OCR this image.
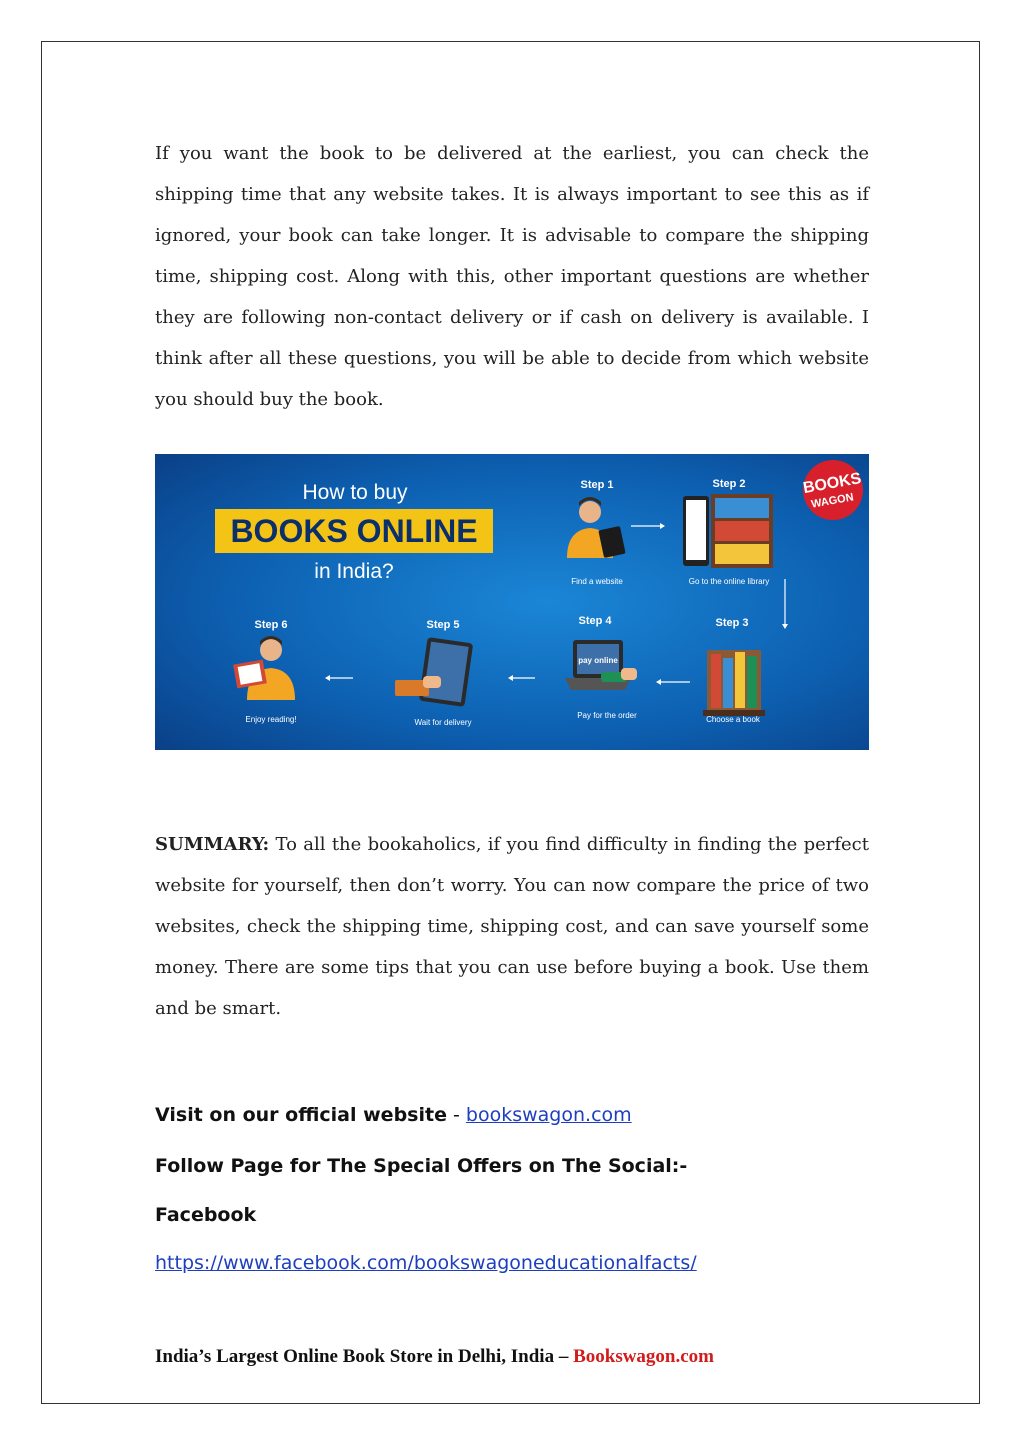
If you want the book to be delivered at the earliest, you can check the shipping time that any website takes. It is always important to see this as if ignored, your book can take longer. It is advisable to compare the shipping time, shipping cost. Along with this, other important questions are whether they are following non-contact delivery or if cash on delivery is available. I think after all these questions, you will be able to decide from which website you should buy the book.

How to buy
BOOKS ONLINE
in India?
BOOKS
WAGON
Step 1
Find a website
Step 2
Go to the online library
Step 3
Choose a book
Step 4
pay online
Pay for the order
Step 5
Wait for delivery
Step 6
Enjoy reading!

SUMMARY: To all the bookaholics, if you find difficulty in finding the perfect website for yourself, then don’t worry. You can now compare the price of two websites, check the shipping time, shipping cost, and can save yourself some money. There are some tips that you can use before buying a book. Use them and be smart.

Visit on our official website - bookswagon.com
Follow Page for The Special Offers on The Social:-
Facebook
https://www.facebook.com/bookswagoneducationalfacts/
India’s Largest Online Book Store in Delhi, India – Bookswagon.com
